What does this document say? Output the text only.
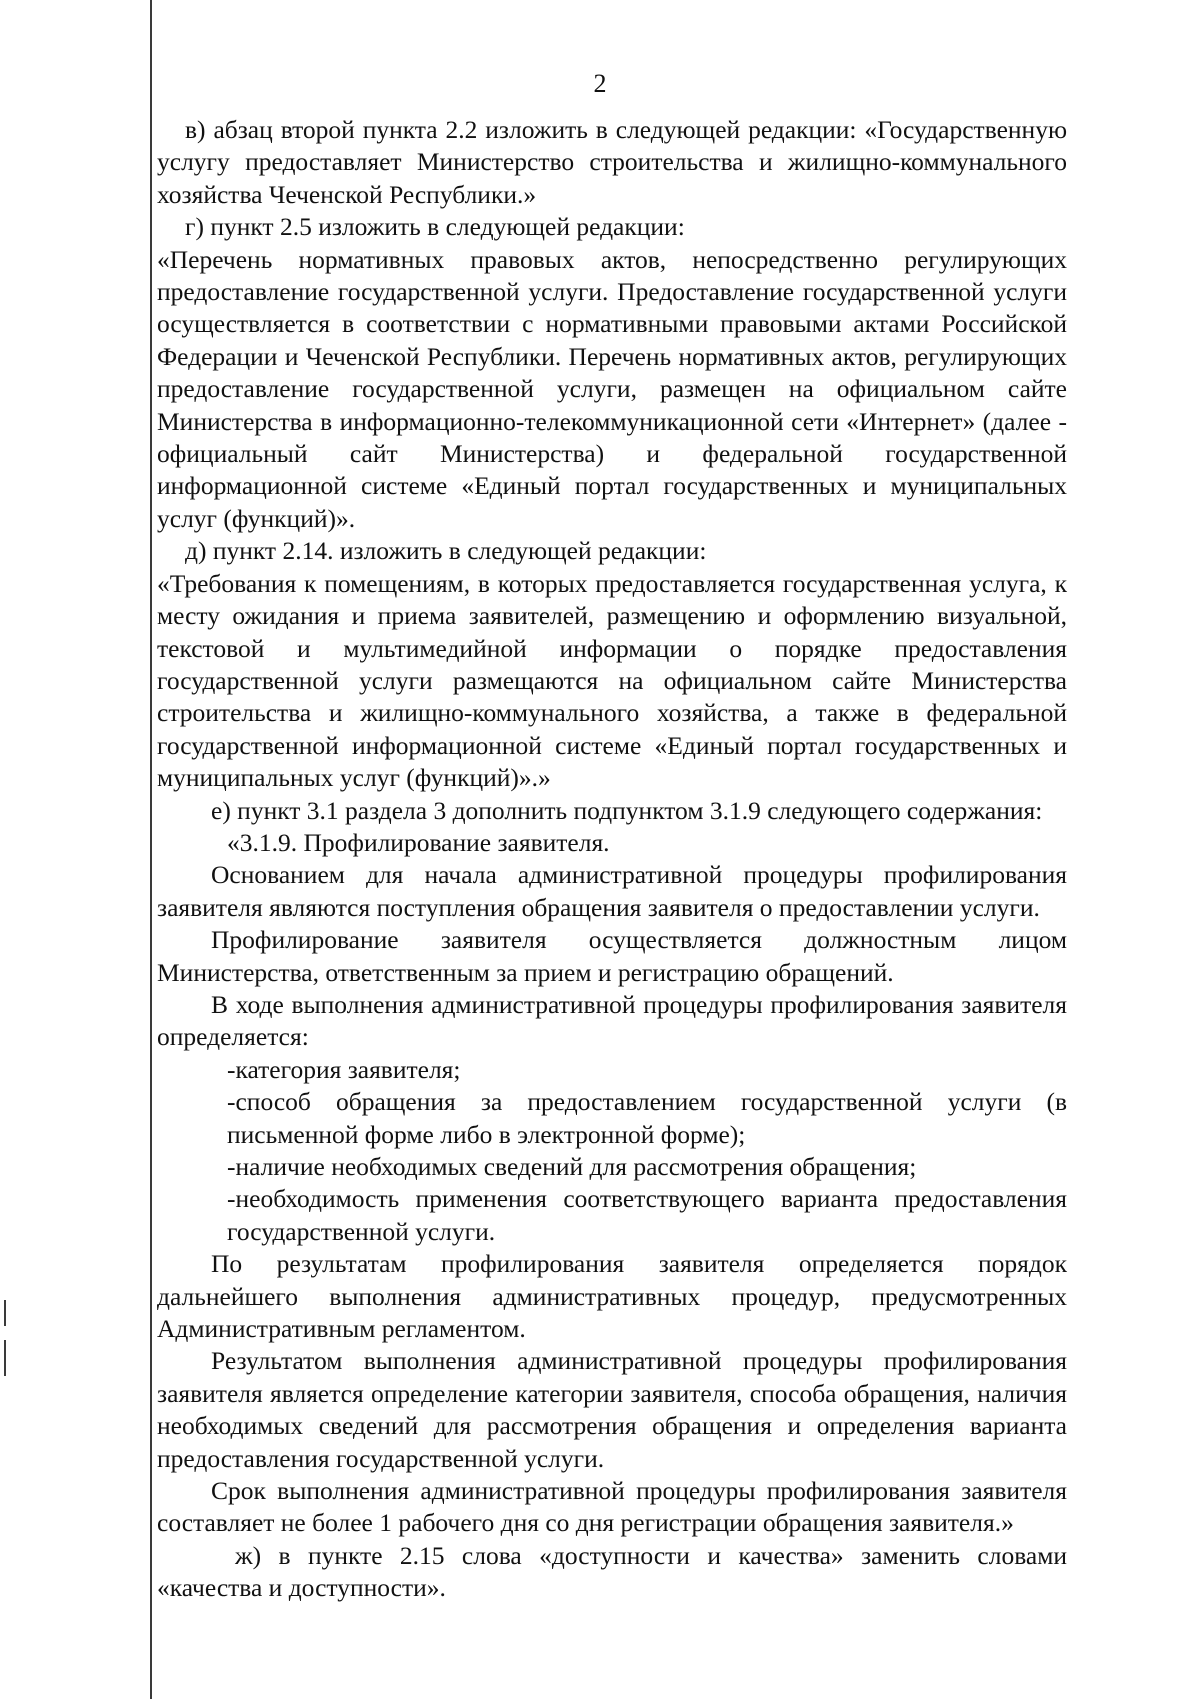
2

в) абзац второй пункта 2.2 изложить в следующей редакции: «Государственную услугу предоставляет Министерство строительства и жилищно-коммунального хозяйства Чеченской Республики.»

г) пункт 2.5 изложить в следующей редакции:

«Перечень нормативных правовых актов, непосредственно регулирующих предоставление государственной услуги. Предоставление государственной услуги осуществляется в соответствии с нормативными правовыми актами Российской Федерации и Чеченской Республики. Перечень нормативных актов, регулирующих предоставление государственной услуги, размещен на официальном сайте Министерства в информационно-телекоммуникационной сети «Интернет» (далее - официальный сайт Министерства) и федеральной государственной информационной системе «Единый портал государственных и муниципальных услуг (функций)».

д) пункт 2.14. изложить в следующей редакции:

«Требования к помещениям, в которых предоставляется государственная услуга, к месту ожидания и приема заявителей, размещению и оформлению визуальной, текстовой и мультимедийной информации о порядке предоставления государственной услуги размещаются на официальном сайте Министерства строительства и жилищно-коммунального хозяйства, а также в федеральной государственной информационной системе «Единый портал государственных и муниципальных услуг (функций)».»

е) пункт 3.1 раздела 3 дополнить подпунктом 3.1.9 следующего содержания:

«3.1.9. Профилирование заявителя.

Основанием для начала административной процедуры профилирования заявителя являются поступления обращения заявителя о предоставлении услуги.

Профилирование заявителя осуществляется должностным лицом Министерства, ответственным за прием и регистрацию обращений.

В ходе выполнения административной процедуры профилирования заявителя определяется:

-категория заявителя;

-способ обращения за предоставлением государственной услуги (в письменной форме либо в электронной форме);

-наличие необходимых сведений для рассмотрения обращения;

-необходимость применения соответствующего варианта предоставления государственной услуги.

По результатам профилирования заявителя определяется порядок дальнейшего выполнения административных процедур, предусмотренных Административным регламентом.

Результатом выполнения административной процедуры профилирования заявителя является определение категории заявителя, способа обращения, наличия необходимых сведений для рассмотрения обращения и определения варианта предоставления государственной услуги.

Срок выполнения административной процедуры профилирования заявителя составляет не более 1 рабочего дня со дня регистрации обращения заявителя.»

ж) в пункте 2.15 слова «доступности и качества» заменить словами «качества и доступности».
